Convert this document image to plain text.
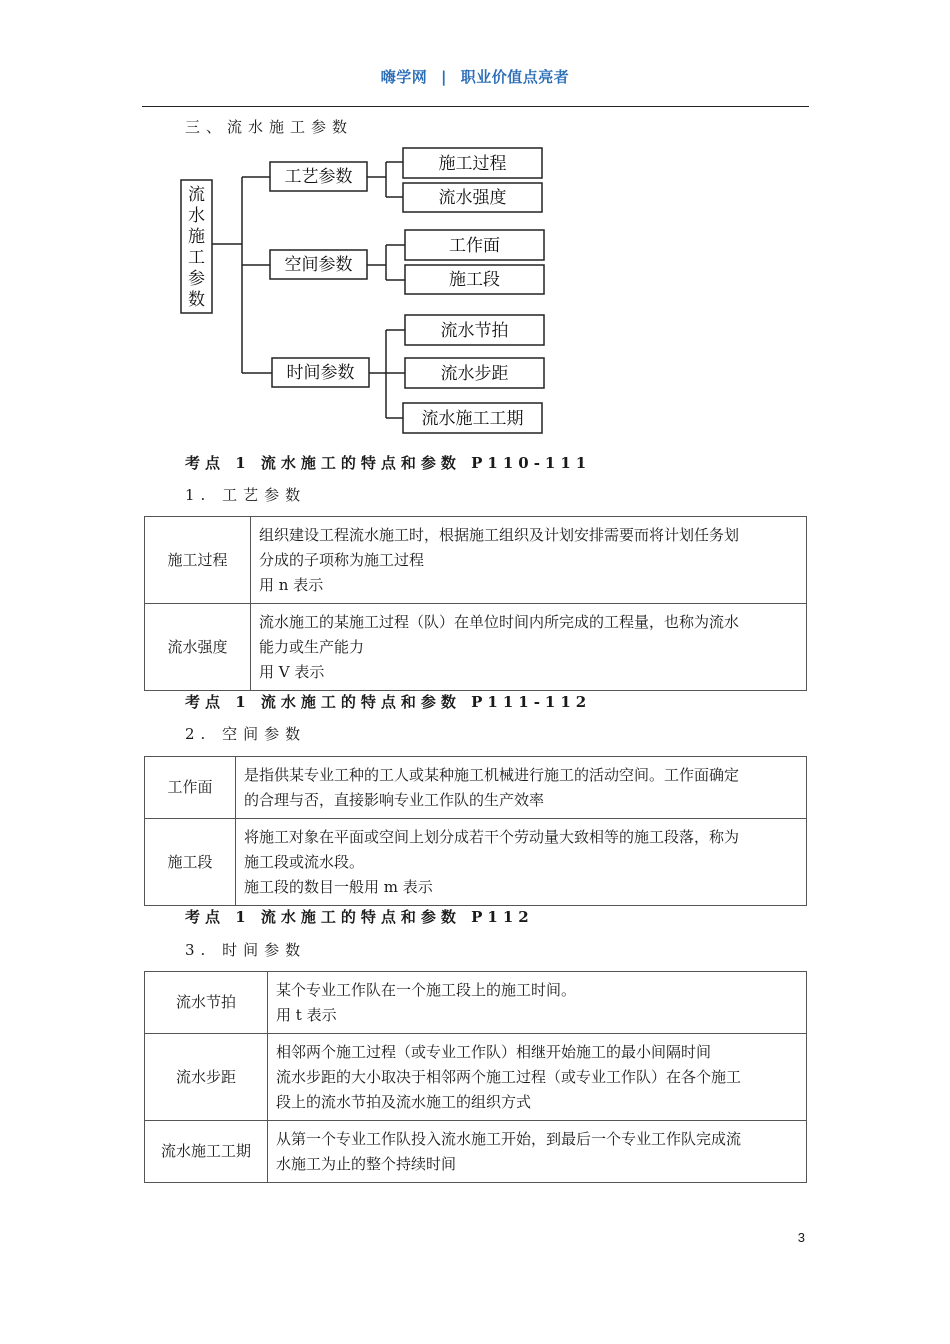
嗨学网 | 职业价值点亮者
三、流水施工参数
流水施工参数
工艺参数
空间参数
时间参数
施工过程
流水强度
工作面
施工段
流水节拍
流水步距
流水施工工期
考点 1 流水施工的特点和参数 P110-111
1. 工艺参数
施工过程	组织建设工程流水施工时，根据施工组织及计划安排需要而将计划任务划
分成的子项称为施工过程
用 n 表示

流水强度	流水施工的某施工过程（队）在单位时间内所完成的工程量，也称为流水
能力或生产能力
用 V 表示
考点 1 流水施工的特点和参数 P111-112
2. 空间参数
工作面	是指供某专业工种的工人或某种施工机械进行施工的活动空间。工作面确定
的合理与否，直接影响专业工作队的生产效率

施工段	将施工对象在平面或空间上划分成若干个劳动量大致相等的施工段落，称为
施工段或流水段。
施工段的数目一般用 m 表示
考点 1 流水施工的特点和参数 P112
3. 时间参数
流水节拍	某个专业工作队在一个施工段上的施工时间。
用 t 表示

流水步距	相邻两个施工过程（或专业工作队）相继开始施工的最小间隔时间
流水步距的大小取决于相邻两个施工过程（或专业工作队）在各个施工
段上的流水节拍及流水施工的组织方式

流水施工工期	从第一个专业工作队投入流水施工开始，到最后一个专业工作队完成流
水施工为止的整个持续时间
3
